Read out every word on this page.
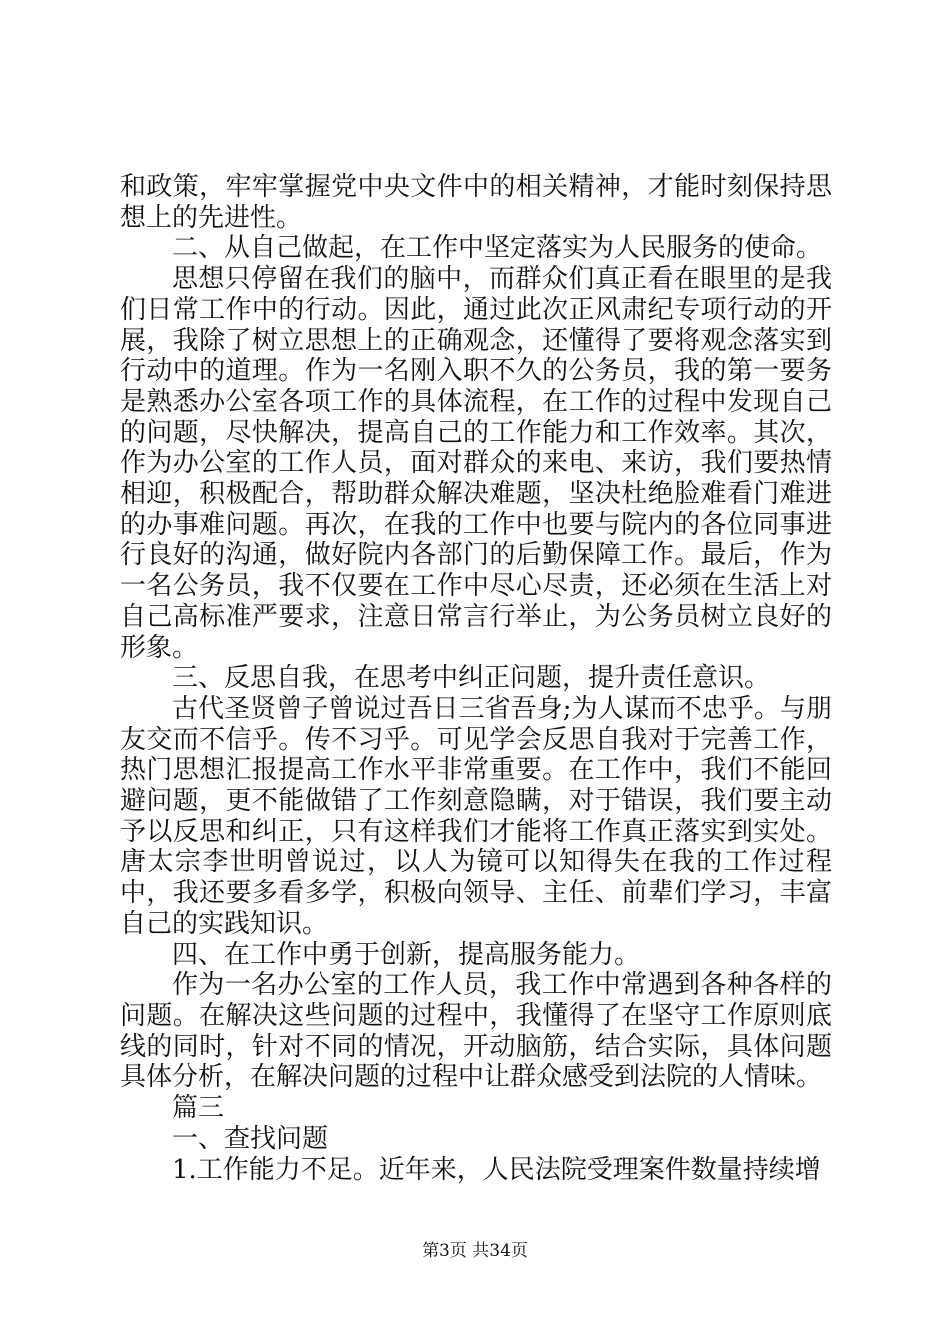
和政策，牢牢掌握党中央文件中的相关精神，才能时刻保持思想上的先进性。

二、从自己做起，在工作中坚定落实为人民服务的使命。

思想只停留在我们的脑中，而群众们真正看在眼里的是我们日常工作中的行动。因此，通过此次正风肃纪专项行动的开展，我除了树立思想上的正确观念，还懂得了要将观念落实到行动中的道理。作为一名刚入职不久的公务员，我的第一要务是熟悉办公室各项工作的具体流程，在工作的过程中发现自己的问题，尽快解决，提高自己的工作能力和工作效率。其次，作为办公室的工作人员，面对群众的来电、来访，我们要热情相迎，积极配合，帮助群众解决难题，坚决杜绝脸难看门难进的办事难问题。再次，在我的工作中也要与院内的各位同事进行良好的沟通，做好院内各部门的后勤保障工作。最后，作为一名公务员，我不仅要在工作中尽心尽责，还必须在生活上对自己高标准严要求，注意日常言行举止，为公务员树立良好的形象。

三、反思自我，在思考中纠正问题，提升责任意识。

古代圣贤曾子曾说过吾日三省吾身;为人谋而不忠乎。与朋友交而不信乎。传不习乎。可见学会反思自我对于完善工作，热门思想汇报提高工作水平非常重要。在工作中，我们不能回避问题，更不能做错了工作刻意隐瞒，对于错误，我们要主动予以反思和纠正，只有这样我们才能将工作真正落实到实处。唐太宗李世明曾说过，以人为镜可以知得失在我的工作过程中，我还要多看多学，积极向领导、主任、前辈们学习，丰富自己的实践知识。

四、在工作中勇于创新，提高服务能力。

作为一名办公室的工作人员，我工作中常遇到各种各样的问题。在解决这些问题的过程中，我懂得了在坚守工作原则底线的同时，针对不同的情况，开动脑筋，结合实际，具体问题具体分析，在解决问题的过程中让群众感受到法院的人情味。

篇三

一、查找问题

1.工作能力不足。近年来，人民法院受理案件数量持续增

第3页 共34页
